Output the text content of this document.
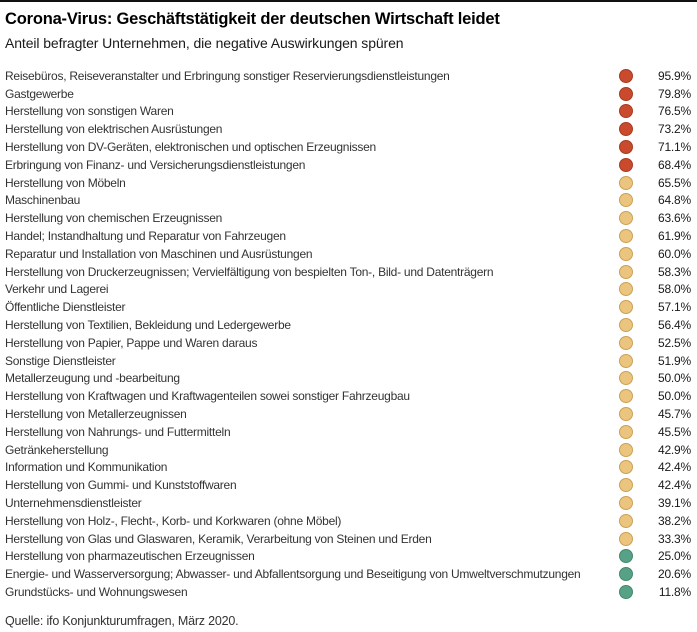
Corona-Virus: Geschäftstätigkeit der deutschen Wirtschaft leidet
Anteil befragter Unternehmen, die negative Auswirkungen spüren
Reisebüros, Reiseveranstalter und Erbringung sonstiger Reservierungsdienstleistungen	95.9%
Gastgewerbe	79.8%
Herstellung von sonstigen Waren	76.5%
Herstellung von elektrischen Ausrüstungen	73.2%
Herstellung von DV-Geräten, elektronischen und optischen Erzeugnissen	71.1%
Erbringung von Finanz- und Versicherungsdienstleistungen	68.4%
Herstellung von Möbeln	65.5%
Maschinenbau	64.8%
Herstellung von chemischen Erzeugnissen	63.6%
Handel; Instandhaltung und Reparatur von Fahrzeugen	61.9%
Reparatur und Installation von Maschinen und Ausrüstungen	60.0%
Herstellung von Druckerzeugnissen; Vervielfältigung von bespielten Ton-, Bild- und Datenträgern	58.3%
Verkehr und Lagerei	58.0%
Öffentliche Dienstleister	57.1%
Herstellung von Textilien, Bekleidung und Ledergewerbe	56.4%
Herstellung von Papier, Pappe und Waren daraus	52.5%
Sonstige Dienstleister	51.9%
Metallerzeugung und -bearbeitung	50.0%
Herstellung von Kraftwagen und Kraftwagenteilen sowei sonstiger Fahrzeugbau	50.0%
Herstellung von Metallerzeugnissen	45.7%
Herstellung von Nahrungs- und Futtermitteln	45.5%
Getränkeherstellung	42.9%
Information und Kommunikation	42.4%
Herstellung von Gummi- und Kunststoffwaren	42.4%
Unternehmensdienstleister	39.1%
Herstellung von Holz-, Flecht-, Korb- und Korkwaren (ohne Möbel)	38.2%
Herstellung von Glas und Glaswaren, Keramik, Verarbeitung von Steinen und Erden	33.3%
Herstellung von pharmazeutischen Erzeugnissen	25.0%
Energie- und Wasserversorgung; Abwasser- und Abfallentsorgung und Beseitigung von Umweltverschmutzungen	20.6%
Grundstücks- und Wohnungswesen	11.8%
Quelle: ifo Konjunkturumfragen, März 2020.
